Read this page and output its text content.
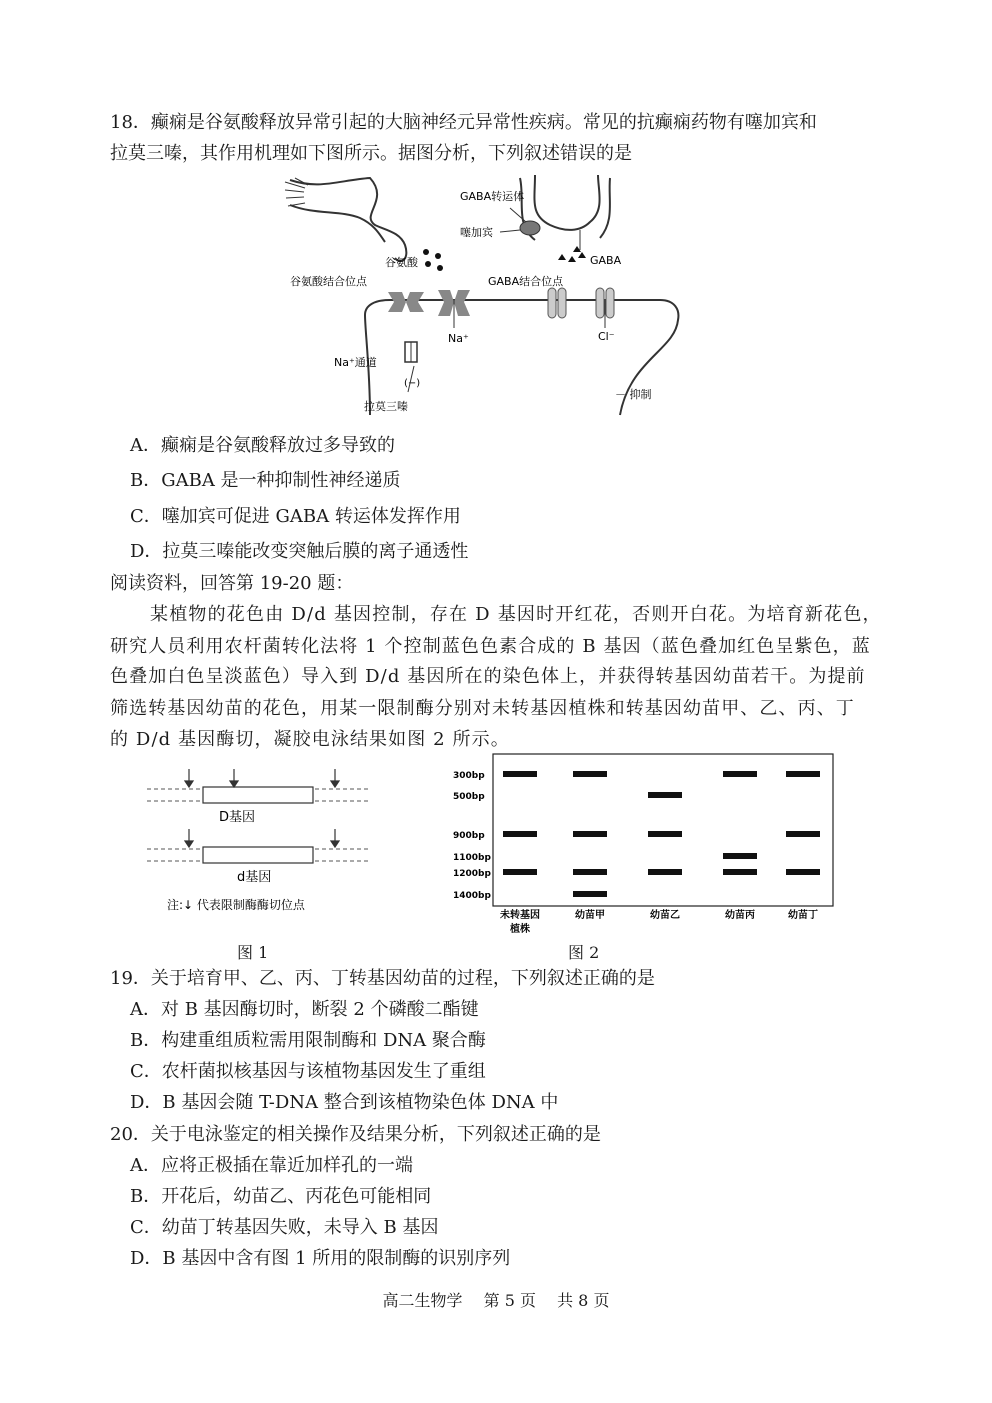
18．癫痫是谷氨酸释放异常引起的大脑神经元异常性疾病。常见的抗癫痫药物有噻加宾和
拉莫三嗪，其作用机理如下图所示。据图分析，下列叙述错误的是
谷氨酸
GABA转运体
噻加宾
GABA
谷氨酸结合位点	GABA结合位点
Na⁺	Cl⁻
Na⁺通道
(−)
拉莫三嗪
－ 抑制
A．癫痫是谷氨酸释放过多导致的
B．GABA 是一种抑制性神经递质
C．噻加宾可促进 GABA 转运体发挥作用
D．拉莫三嗪能改变突触后膜的离子通透性
阅读资料，回答第 19-20 题：
某植物的花色由 D/d 基因控制，存在 D 基因时开红花，否则开白花。为培育新花色，
研究人员利用农杆菌转化法将 1 个控制蓝色色素合成的 B 基因（蓝色叠加红色呈紫色，蓝
色叠加白色呈淡蓝色）导入到 D/d 基因所在的染色体上，并获得转基因幼苗若干。为提前
筛选转基因幼苗的花色，用某一限制酶分别对未转基因植株和转基因幼苗甲、乙、丙、丁
的 D/d 基因酶切，凝胶电泳结果如图 2 所示。
D基因
d基因
注:↓ 代表限制酶酶切位点
图 1
300bp
500bp
900bp
1100bp
1200bp
1400bp
未转基因
植株
幼苗甲	幼苗乙	幼苗丙	幼苗丁
图 2
19．关于培育甲、乙、丙、丁转基因幼苗的过程，下列叙述正确的是
A．对 B 基因酶切时，断裂 2 个磷酸二酯键
B．构建重组质粒需用限制酶和 DNA 聚合酶
C．农杆菌拟核基因与该植物基因发生了重组
D．B 基因会随 T-DNA 整合到该植物染色体 DNA 中
20．关于电泳鉴定的相关操作及结果分析，下列叙述正确的是
A．应将正极插在靠近加样孔的一端
B．开花后，幼苗乙、丙花色可能相同
C．幼苗丁转基因失败，未导入 B 基因
D．B 基因中含有图 1 所用的限制酶的识别序列
高二生物学 第 5 页 共 8 页
